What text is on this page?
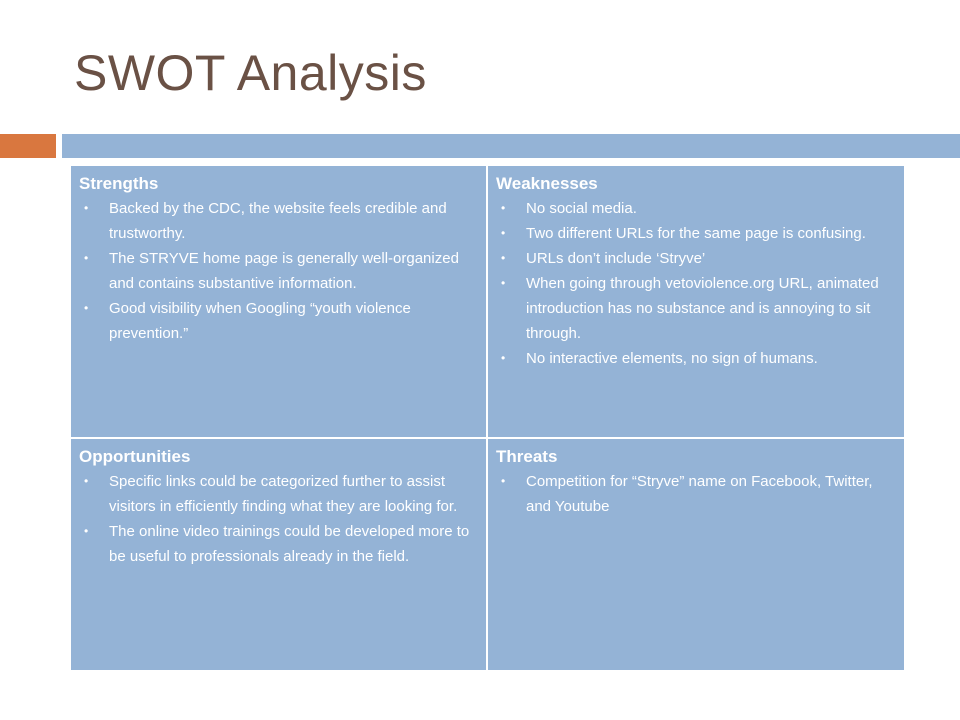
SWOT Analysis
Strengths
• Backed by the CDC, the website feels credible and trustworthy.
• The STRYVE home page is generally well-organized and contains substantive information.
• Good visibility when Googling “youth violence prevention.”
Weaknesses
• No social media.
• Two different URLs for the same page is confusing.
• URLs don’t include ‘Stryve’
• When going through vetoviolence.org URL, animated introduction has no substance and is annoying to sit through.
• No interactive elements, no sign of humans.
Opportunities
• Specific links could be categorized further to assist visitors in efficiently finding what they are looking for.
• The online video trainings could be developed more to be useful to professionals already in the field.
Threats
• Competition for “Stryve” name on Facebook, Twitter, and Youtube
